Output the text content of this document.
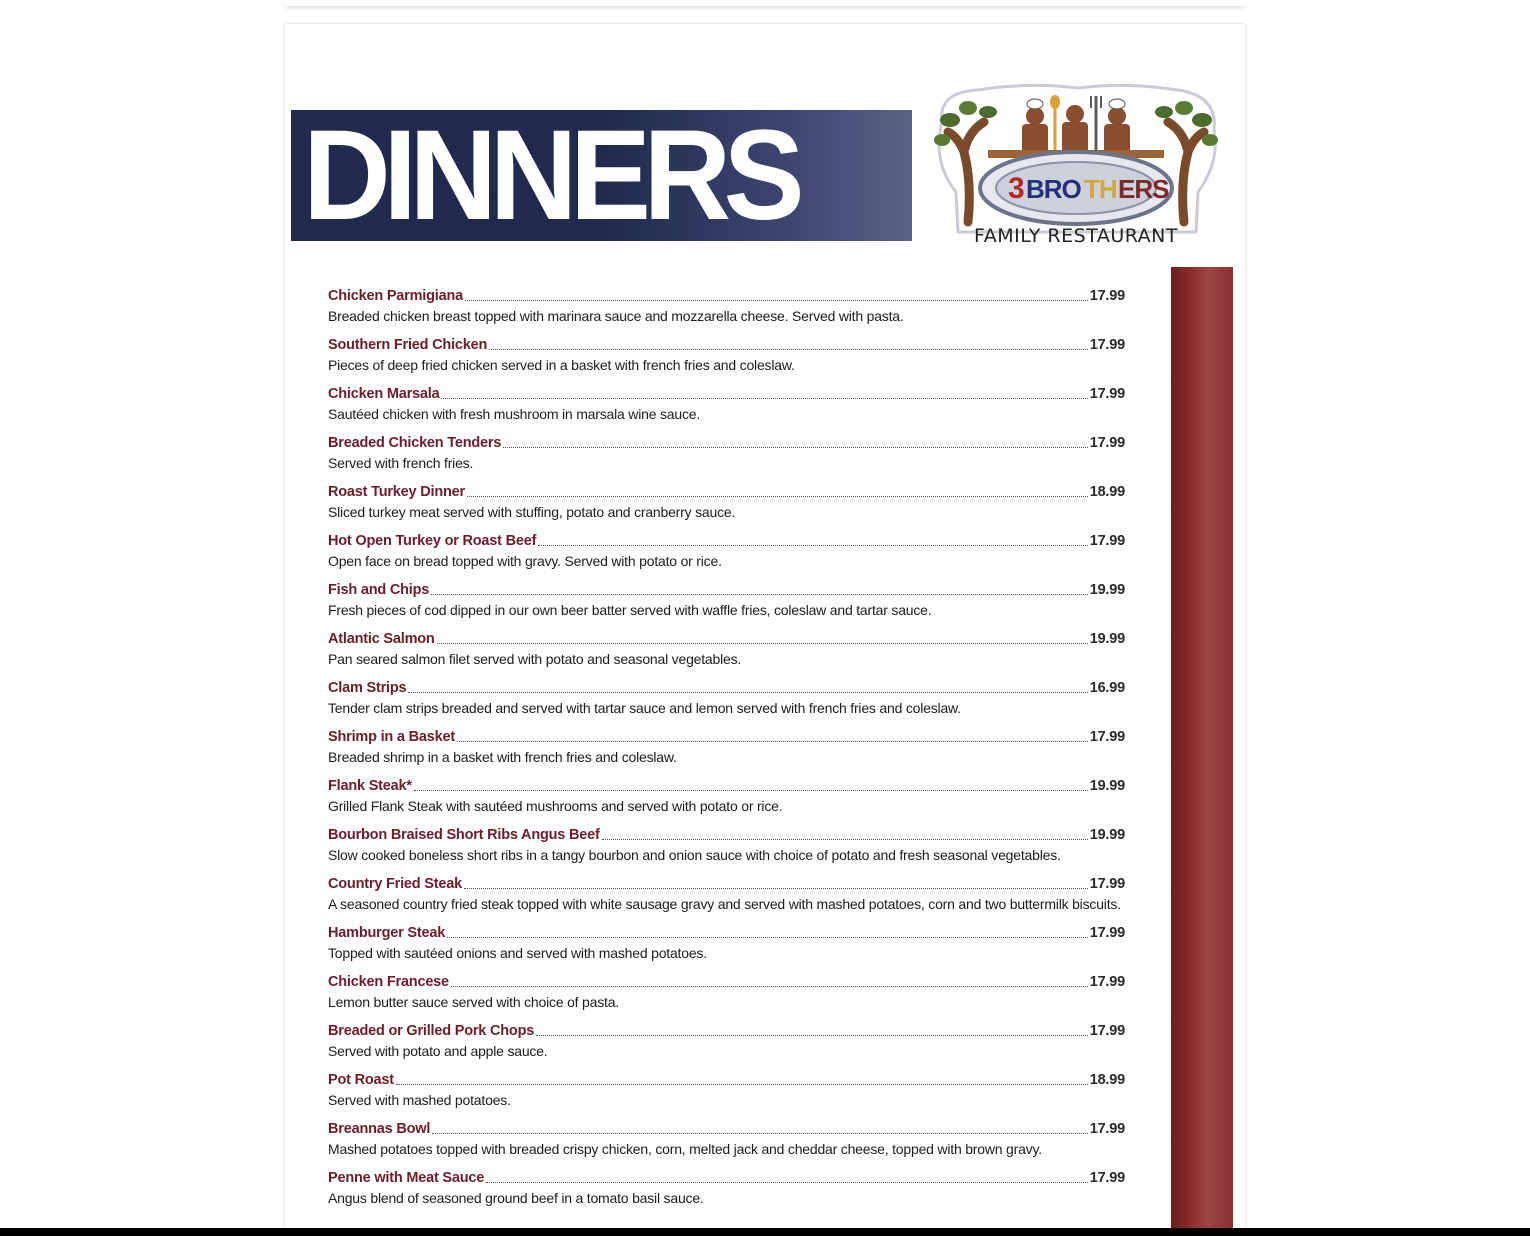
DINNERS	3 BRO TH ERS
FAMILY RESTAURANT
Chicken Parmigiana	17.99
Breaded chicken breast topped with marinara sauce and mozzarella cheese. Served with pasta.
Southern Fried Chicken	17.99
Pieces of deep fried chicken served in a basket with french fries and coleslaw.
Chicken Marsala	17.99
Sautéed chicken with fresh mushroom in marsala wine sauce.
Breaded Chicken Tenders	17.99
Served with french fries.
Roast Turkey Dinner	18.99
Sliced turkey meat served with stuffing, potato and cranberry sauce.
Hot Open Turkey or Roast Beef	17.99
Open face on bread topped with gravy. Served with potato or rice.
Fish and Chips	19.99
Fresh pieces of cod dipped in our own beer batter served with waffle fries, coleslaw and tartar sauce.
Atlantic Salmon	19.99
Pan seared salmon filet served with potato and seasonal vegetables.
Clam Strips	16.99
Tender clam strips breaded and served with tartar sauce and lemon served with french fries and coleslaw.
Shrimp in a Basket	17.99
Breaded shrimp in a basket with french fries and coleslaw.
Flank Steak*	19.99
Grilled Flank Steak with sautéed mushrooms and served with potato or rice.
Bourbon Braised Short Ribs Angus Beef	19.99
Slow cooked boneless short ribs in a tangy bourbon and onion sauce with choice of potato and fresh seasonal vegetables.
Country Fried Steak	17.99
A seasoned country fried steak topped with white sausage gravy and served with mashed potatoes, corn and two buttermilk biscuits.
Hamburger Steak	17.99
Topped with sautéed onions and served with mashed potatoes.
Chicken Francese	17.99
Lemon butter sauce served with choice of pasta.
Breaded or Grilled Pork Chops	17.99
Served with potato and apple sauce.
Pot Roast	18.99
Served with mashed potatoes.
Breannas Bowl	17.99
Mashed potatoes topped with breaded crispy chicken, corn, melted jack and cheddar cheese, topped with brown gravy.
Penne with Meat Sauce	17.99
Angus blend of seasoned ground beef in a tomato basil sauce.
